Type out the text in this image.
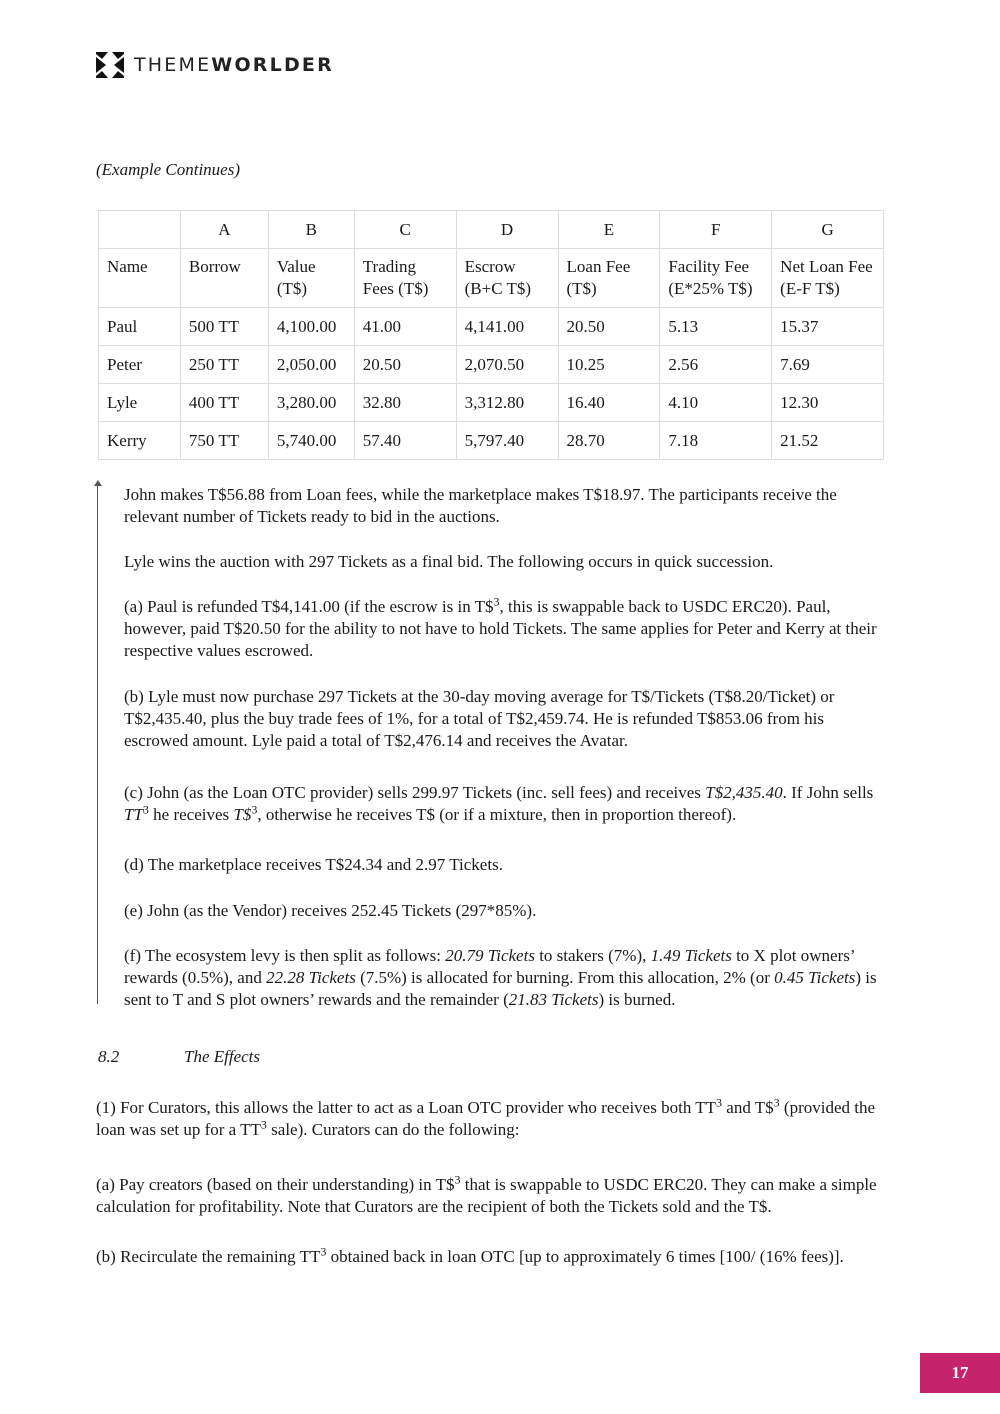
THEMEWORLDER
(Example Continues)
	A	B	C	D	E	F	G
Name	Borrow	Value (T$)	Trading Fees (T$)	Escrow (B+C T$)	Loan Fee (T$)	Facility Fee (E*25% T$)	Net Loan Fee (E-F T$)
Paul	500 TT	4,100.00	41.00	4,141.00	20.50	5.13	15.37
Peter	250 TT	2,050.00	20.50	2,070.50	10.25	2.56	7.69
Lyle	400 TT	3,280.00	32.80	3,312.80	16.40	4.10	12.30
Kerry	750 TT	5,740.00	57.40	5,797.40	28.70	7.18	21.52

John makes T$56.88 from Loan fees, while the marketplace makes T$18.97. The participants receive the relevant number of Tickets ready to bid in the auctions.

Lyle wins the auction with 297 Tickets as a final bid. The following occurs in quick succession.

(a) Paul is refunded T$4,141.00 (if the escrow is in T\$$^3$, this is swappable back to USDC ERC20). Paul, however, paid T$20.50 for the ability to not have to hold Tickets. The same applies for Peter and Kerry at their respective values escrowed.

(b) Lyle must now purchase 297 Tickets at the 30-day moving average for T$/Tickets (T$8.20/Ticket) or T$2,435.40, plus the buy trade fees of 1%, for a total of T$2,459.74. He is refunded T$853.06 from his escrowed amount. Lyle paid a total of T$2,476.14 and receives the Avatar.

(c) John (as the Loan OTC provider) sells 299.97 Tickets (inc. sell fees) and receives T$2,435.40. If John sells $TT^3$ he receives T\$$^3$, otherwise he receives T$ (or if a mixture, then in proportion thereof).

(d) The marketplace receives T$24.34 and 2.97 Tickets.

(e) John (as the Vendor) receives 252.45 Tickets (297*85%).

(f) The ecosystem levy is then split as follows: 20.79 Tickets to stakers (7%), 1.49 Tickets to X plot owners’ rewards (0.5%), and 22.28 Tickets (7.5%) is allocated for burning. From this allocation, 2% (or 0.45 Tickets) is sent to T and S plot owners’ rewards and the remainder (21.83 Tickets) is burned.

8.2	The Effects

(1) For Curators, this allows the latter to act as a Loan OTC provider who receives both $TT^3$ and T\$$^3$ (provided the loan was set up for a $TT^3$ sale). Curators can do the following:

(a) Pay creators (based on their understanding) in T\$$^3$ that is swappable to USDC ERC20. They can make a simple calculation for profitability. Note that Curators are the recipient of both the Tickets sold and the T$.

(b) Recirculate the remaining $TT^3$ obtained back in loan OTC [up to approximately 6 times [100/ (16% fees)].

17
